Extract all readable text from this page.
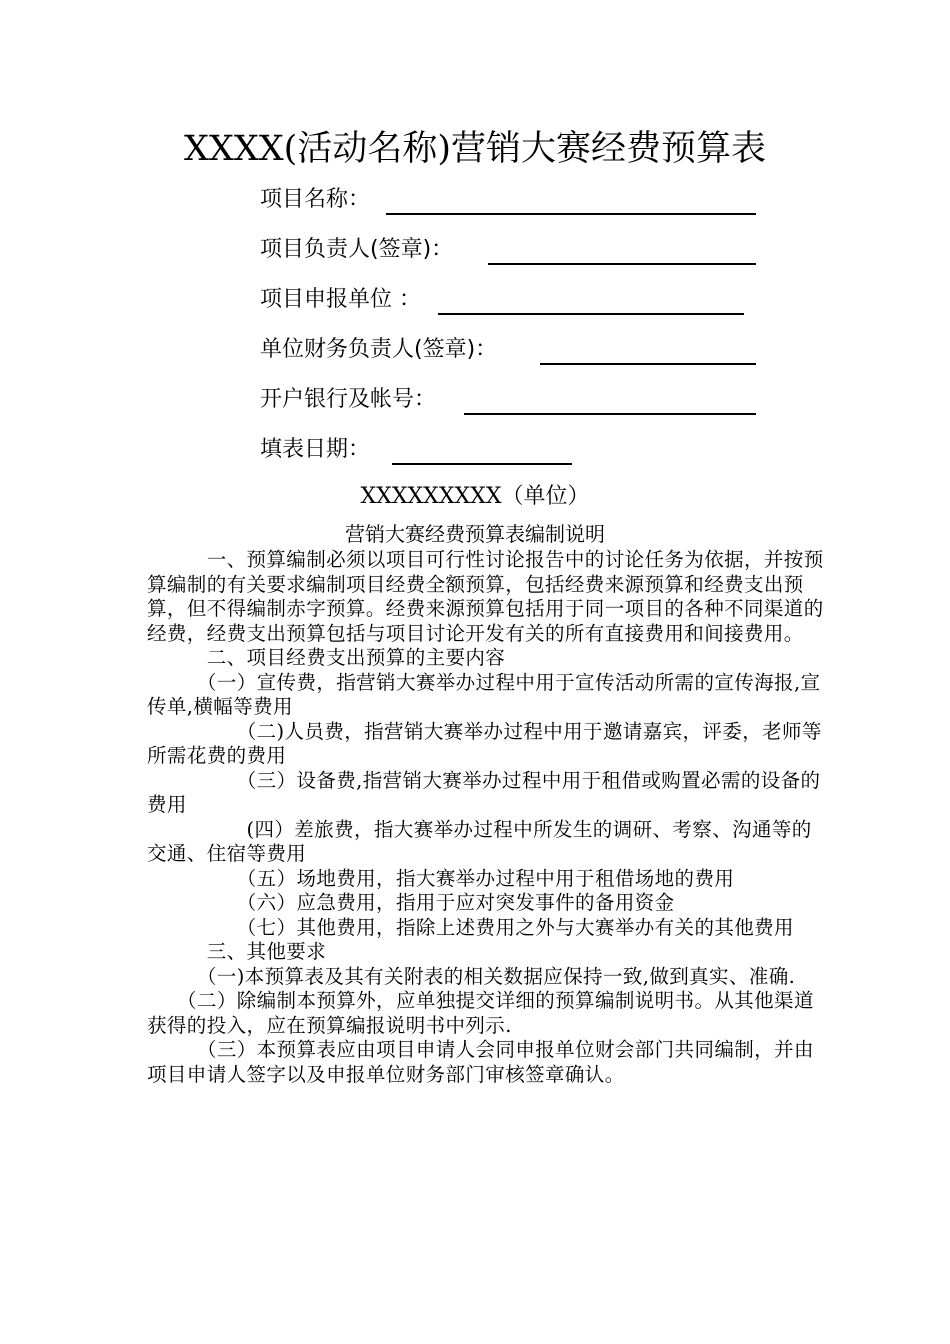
XXXX(活动名称)营销大赛经费预算表
项目名称：
项目负责人(签章)：
项目申报单位 ：
单位财务负责人(签章)：
开户银行及帐号：
填表日期：
XXXXXXXXX（单位）
营销大赛经费预算表编制说明

　　　一、预算编制必须以项目可行性讨论报告中的讨论任务为依据，并按预算编制的有关要求编制项目经费全额预算，包括经费来源预算和经费支出预算，但不得编制赤字预算。经费来源预算包括用于同一项目的各种不同渠道的经费，经费支出预算包括与项目讨论开发有关的所有直接费用和间接费用。

　　　二、项目经费支出预算的主要内容

　　　（一）宣传费，指营销大赛举办过程中用于宣传活动所需的宣传海报,宣传单,横幅等费用

　　　　　（二)人员费，指营销大赛举办过程中用于邀请嘉宾，评委，老师等所需花费的费用

　　　　　（三）设备费,指营销大赛举办过程中用于租借或购置必需的设备的费用

　　　　　(四）差旅费，指大赛举办过程中所发生的调研、考察、沟通等的交通、住宿等费用

　　　　　（五）场地费用，指大赛举办过程中用于租借场地的费用

　　　　　（六）应急费用，指用于应对突发事件的备用资金

　　　　　（七）其他费用，指除上述费用之外与大赛举办有关的其他费用

　　　三、其他要求

　　　（一)本预算表及其有关附表的相关数据应保持一致,做到真实、准确.

　　（二）除编制本预算外，应单独提交详细的预算编制说明书。从其他渠道获得的投入，应在预算编报说明书中列示.

　　　（三）本预算表应由项目申请人会同申报单位财会部门共同编制，并由项目申请人签字以及申报单位财务部门审核签章确认。
